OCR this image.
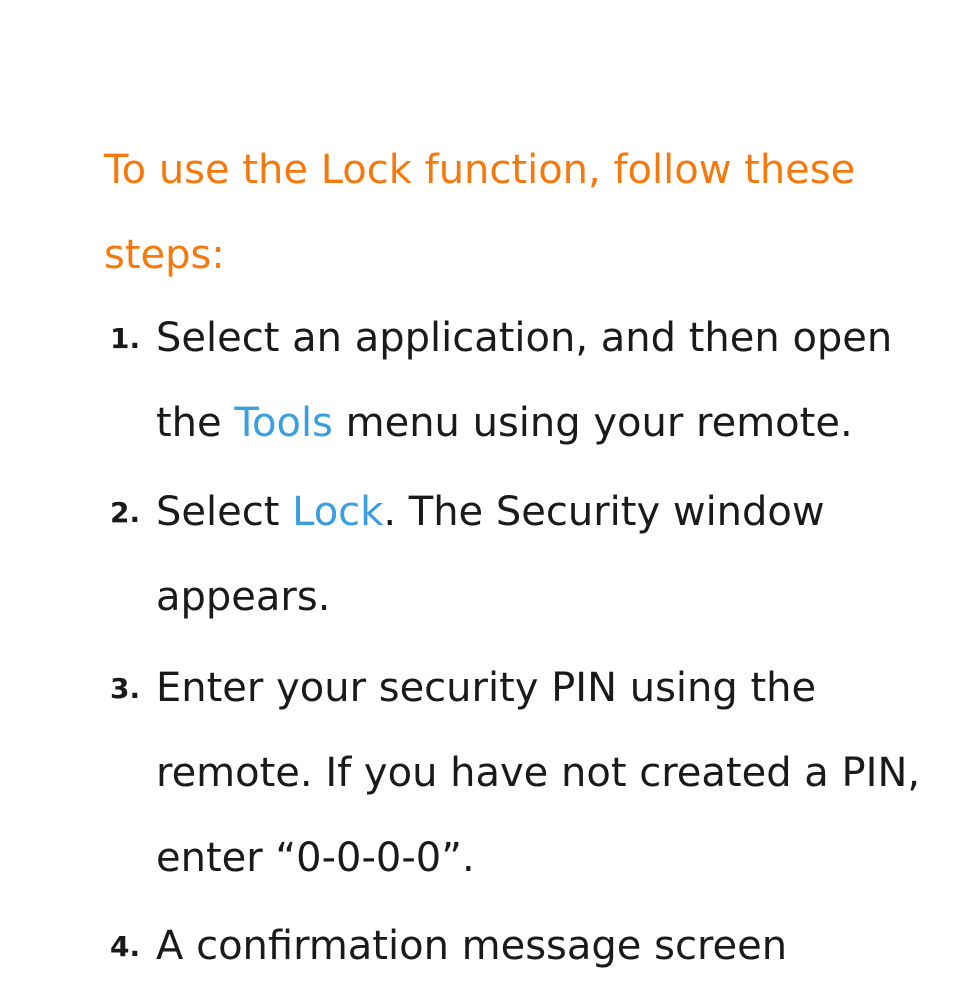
To use the Lock function, follow these steps:
1. Select an application, and then open the Tools menu using your remote.
2. Select Lock. The Security window appears.
3. Enter your security PIN using the remote. If you have not created a PIN, enter “0-0-0-0”.
4. A confirmation message screen
